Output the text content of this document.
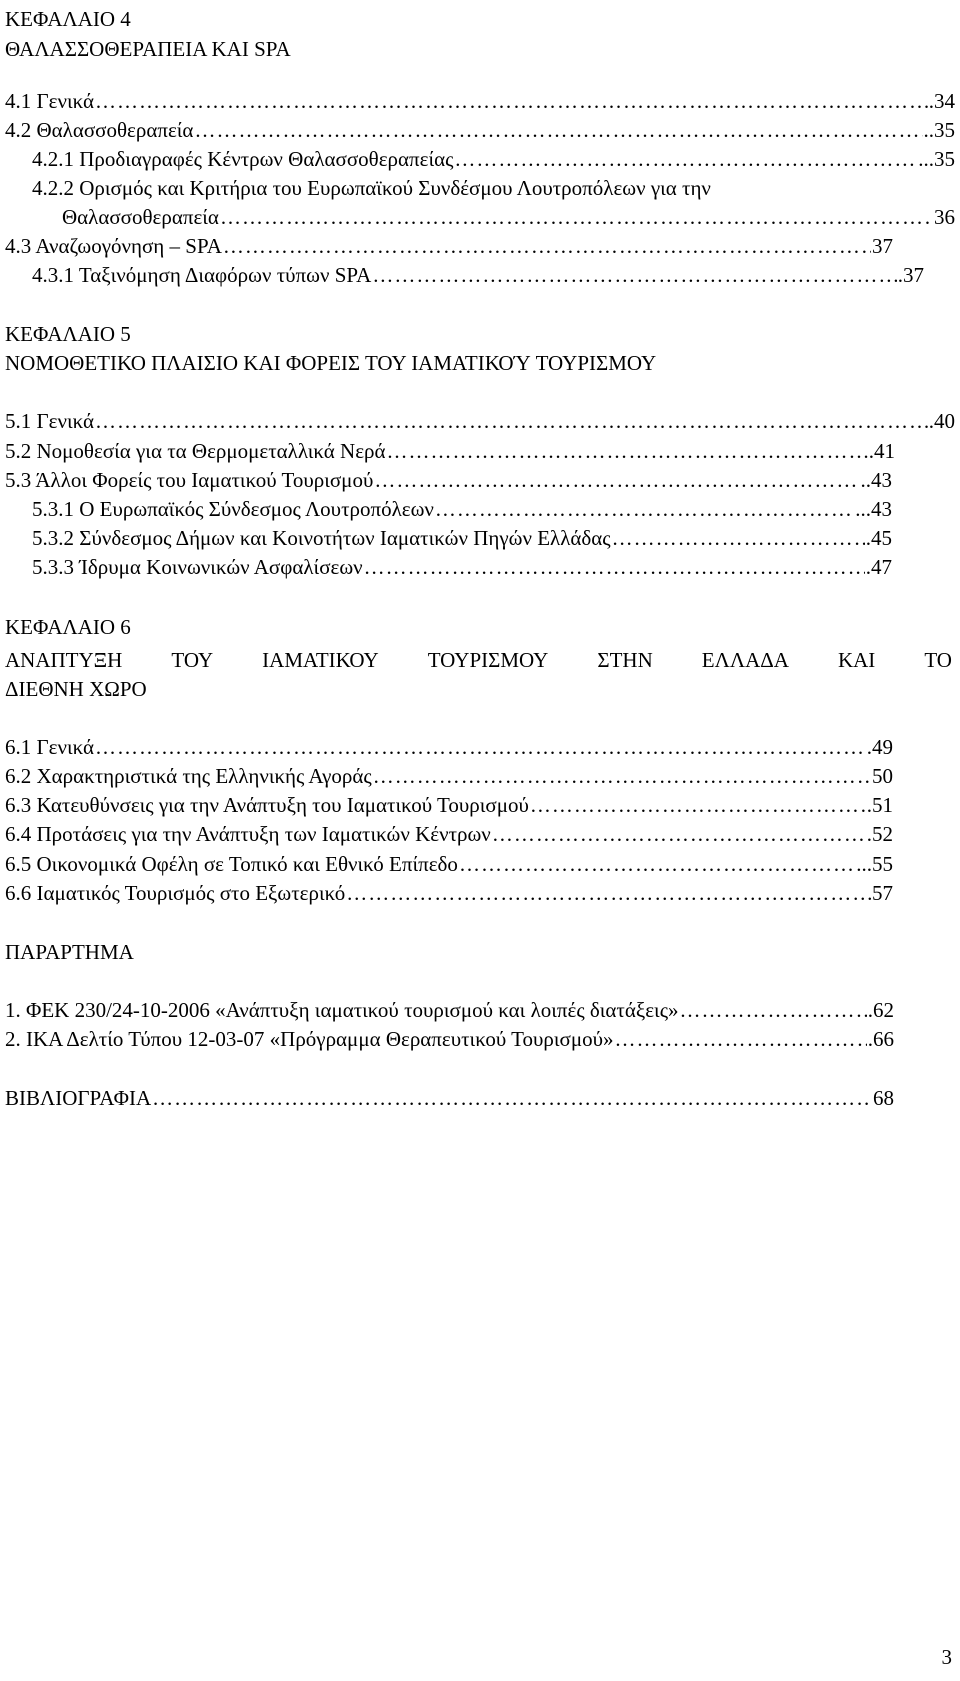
ΚΕΦΑΛΑΙΟ 4
ΘΑΛΑΣΣΟΘΕΡΑΠΕΙΑ ΚΑΙ SPA
4.1 Γενικά …………………………………………………………………………………………………………………………………………………………………………………………………………………………………………	.34
4.2 Θαλασσοθεραπεία …………………………………………………………………………………………………………………………………………………………………………………………………………………………………………	..35
4.2.1 Προδιαγραφές Κέντρων Θαλασσοθεραπείας …………………………………………………………………………………………………………………………………………………………………………………………………………………………………………	...35
4.2.2 Ορισμός και Κριτήρια του Ευρωπαϊκού Συνδέσμου Λουτροπόλεων για την
Θαλασσοθεραπεία …………………………………………………………………………………………………………………………………………………………………………………………………………………………………………	36
4.3 Αναζωογόνηση – SPA …………………………………………………………………………………………………………………………………………………………………………………………………………………………………………	37
4.3.1 Ταξινόμηση Διαφόρων τύπων SPA …………………………………………………………………………………………………………………………………………………………………………………………………………………………………………	.37
ΚΕΦΑΛΑΙΟ 5
ΝΟΜΟΘΕΤΙΚΟ ΠΛΑΙΣΙΟ ΚΑΙ ΦΟΡΕΙΣ ΤΟΥ ΙΑΜΑΤΙΚΟΎ ΤΟΥΡΙΣΜΟΥ
5.1 Γενικά …………………………………………………………………………………………………………………………………………………………………………………………………………………………………………	.40
5.2 Νομοθεσία για τα Θερμομεταλλικά Νερά …………………………………………………………………………………………………………………………………………………………………………………………………………………………………………	.41
5.3 Άλλοι Φορείς του Ιαματικού Τουρισμού …………………………………………………………………………………………………………………………………………………………………………………………………………………………………………	..43
5.3.1 Ο Ευρωπαϊκός Σύνδεσμος Λουτροπόλεων …………………………………………………………………………………………………………………………………………………………………………………………………………………………………………	...43
5.3.2 Σύνδεσμος Δήμων και Κοινοτήτων Ιαματικών Πηγών Ελλάδας …………………………………………………………………………………………………………………………………………………………………………………………………………………………………………	.45
5.3.3 Ίδρυμα Κοινωνικών Ασφαλίσεων …………………………………………………………………………………………………………………………………………………………………………………………………………………………………………	.47
ΚΕΦΑΛΑΙΟ 6
ΑΝΑΠΤΥΞΗ ΤΟΥ ΙΑΜΑΤΙΚΟΥ ΤΟΥΡΙΣΜΟΥ ΣΤΗΝ ΕΛΛΑΔΑ ΚΑΙ ΤΟ
ΔΙΕΘΝΗ ΧΩΡΟ
6.1 Γενικά …………………………………………………………………………………………………………………………………………………………………………………………………………………………………………	.49
6.2 Χαρακτηριστικά της Ελληνικής Αγοράς …………………………………………………………………………………………………………………………………………………………………………………………………………………………………………	50
6.3 Κατευθύνσεις για την Ανάπτυξη του Ιαματικού Τουρισμού …………………………………………………………………………………………………………………………………………………………………………………………………………………………………………	.51
6.4 Προτάσεις για την Ανάπτυξη των Ιαματικών Κέντρων …………………………………………………………………………………………………………………………………………………………………………………………………………………………………………	52
6.5 Οικονομικά Οφέλη σε Τοπικό και Εθνικό Επίπεδο …………………………………………………………………………………………………………………………………………………………………………………………………………………………………………	...55
6.6 Ιαματικός Τουρισμός στο Εξωτερικό …………………………………………………………………………………………………………………………………………………………………………………………………………………………………………	57
ΠΑΡΑΡΤΗΜΑ
1. ΦΕΚ 230/24-10-2006 «Ανάπτυξη ιαματικού τουρισμού και λοιπές διατάξεις» …………………………………………………………………………………………………………………………………………………………………………………………………………………………………………	.62
2. ΙΚΑ Δελτίο Τύπου 12-03-07 «Πρόγραμμα Θεραπευτικού Τουρισμού» …………………………………………………………………………………………………………………………………………………………………………………………………………………………………………	.66
ΒΙΒΛΙΟΓΡΑΦΙΑ …………………………………………………………………………………………………………………………………………………………………………………………………………………………………………	68
3
